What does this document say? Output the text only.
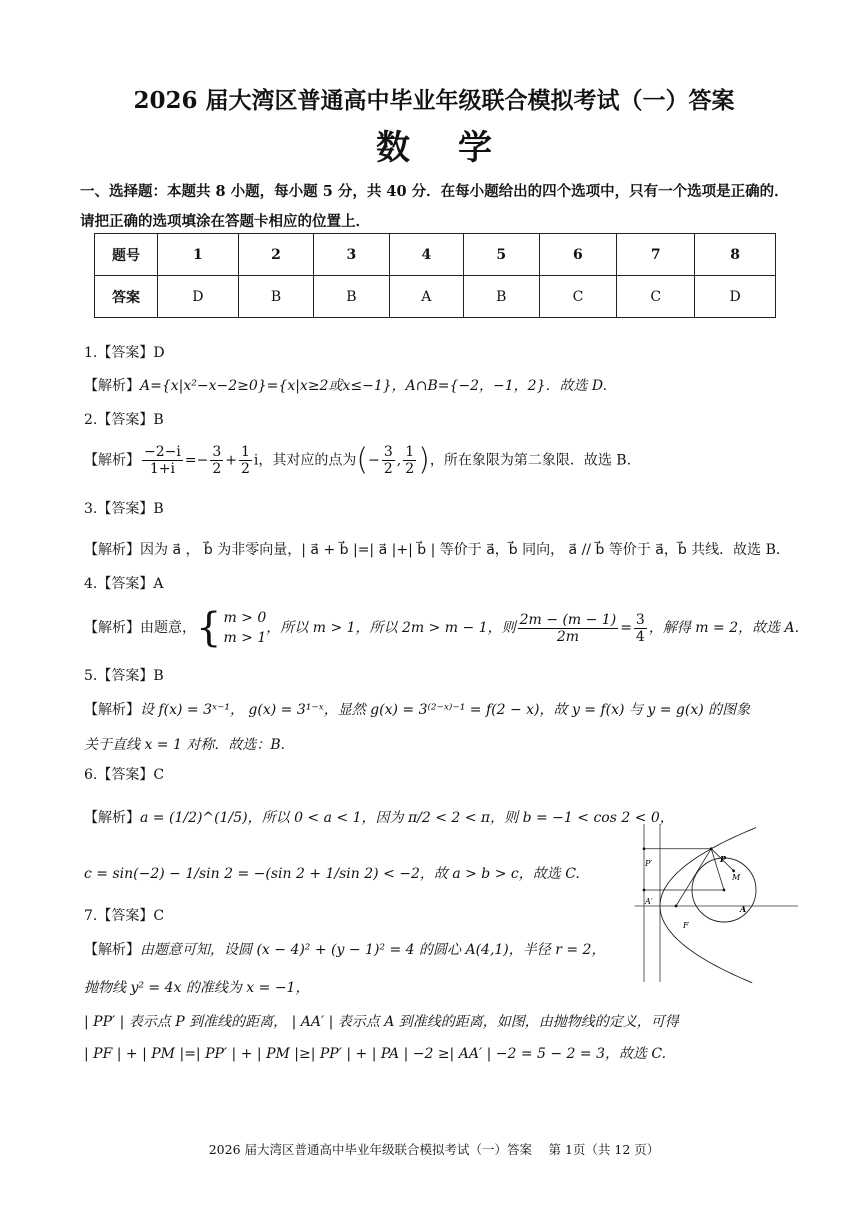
2026 届大湾区普通高中毕业年级联合模拟考试（一）答案
数学
一、选择题：本题共 8 小题，每小题 5 分，共 40 分．在每小题给出的四个选项中，只有一个选项是正确的．请把正确的选项填涂在答题卡相应的位置上．
题号	1	2	3	4	5	6	7	8
答案	D	B	B	A	B	C	C	D
1.【答案】D
【解析】A={x|x²−x−2≥0}={x|x≥2或x≤−1}，A∩B={−2，−1，2}．故选 D.
2.【答案】B
【解析】 $\frac{-2-i}{1+i} =- \frac{3}{2} + \frac{1}{2}$ i，其对应的点为(− $\frac{3}{2}$ , $\frac{1}{2}$ )，所在象限为第二象限．故选 B.
3.【答案】B
【解析】因为 a⃗ ， b⃗ 为非零向量，| a⃗ + b⃗ |=| a⃗ |+| b⃗ | 等价于 a⃗，b⃗ 同向， a⃗ // b⃗ 等价于 a⃗，b⃗ 共线．故选 B.
4.【答案】A
【解析】由题意，{ m > 0
m > 1，所以 m > 1，所以 2m > m − 1，则 $\frac{2m - (m - 1)}{2m} = \frac{3}{4}$ ，解得 m = 2，故选 A.
5.【答案】B
【解析】设 f(x) = 3ˣ⁻¹， g(x) = 3¹⁻ˣ，显然 g(x) = 3⁽²⁻ˣ⁾⁻¹ = f(2 − x)，故 y = f(x) 与 y = g(x) 的图象
关于直线 x = 1 对称．故选：B.
6.【答案】C
【解析】a = (1/2)^(1/5)，所以 0 < a < 1，因为 π/2 < 2 < π，则 b = −1 < cos 2 < 0，
c = sin(−2) − 1/sin 2 = −(sin 2 + 1/sin 2) < −2，故 a > b > c，故选 C.
7.【答案】C
【解析】由题意可知，设圆 (x − 4)² + (y − 1)² = 4 的圆心 A(4,1)，半径 r = 2，
抛物线 y² = 4x 的准线为 x = −1，
| PP′ | 表示点 P 到准线的距离， | AA′ | 表示点 A 到准线的距离，如图，由抛物线的定义，可得
| PF | + | PM |=| PP′ | + | PM |≥| PP′ | + | PA | −2 ≥| AA′ | −2 = 5 − 2 = 3，故选 C.
P′	P
M
A′
A
F
2026 届大湾区普通高中毕业年级联合模拟考试（一）答案　 第 1页（共 12 页）
